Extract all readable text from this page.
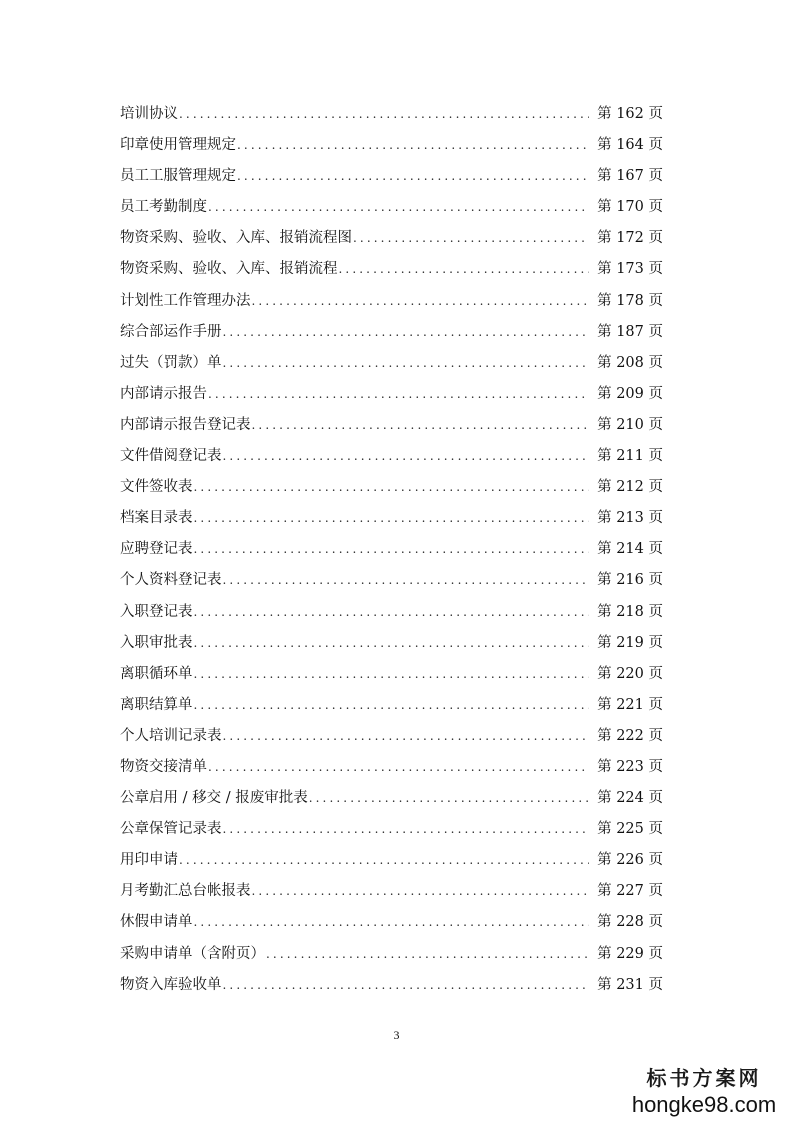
培训协议 .....	第 162 页
印章使用管理规定 .....	第 164 页
员工工服管理规定 .....	第 167 页
员工考勤制度 .....	第 170 页
物资采购、验收、入库、报销流程图 .....	第 172 页
物资采购、验收、入库、报销流程 .....	第 173 页
计划性工作管理办法 .....	第 178 页
综合部运作手册 .....	第 187 页
过失（罚款）单 .....	第 208 页
内部请示报告 .....	第 209 页
内部请示报告登记表 .....	第 210 页
文件借阅登记表 .....	第 211 页
文件签收表 .....	第 212 页
档案目录表 .....	第 213 页
应聘登记表 .....	第 214 页
个人资料登记表 .....	第 216 页
入职登记表 .....	第 218 页
入职审批表 .....	第 219 页
离职循环单 .....	第 220 页
离职结算单 .....	第 221 页
个人培训记录表 .....	第 222 页
物资交接清单 .....	第 223 页
公章启用 / 移交 / 报废审批表 .....	第 224 页
公章保管记录表 .....	第 225 页
用印申请 .....	第 226 页
月考勤汇总台帐报表 .....	第 227 页
休假申请单 .....	第 228 页
采购申请单（含附页） .....	第 229 页
物资入库验收单 .....	第 231 页
3
标书方案网
hongke98.com
